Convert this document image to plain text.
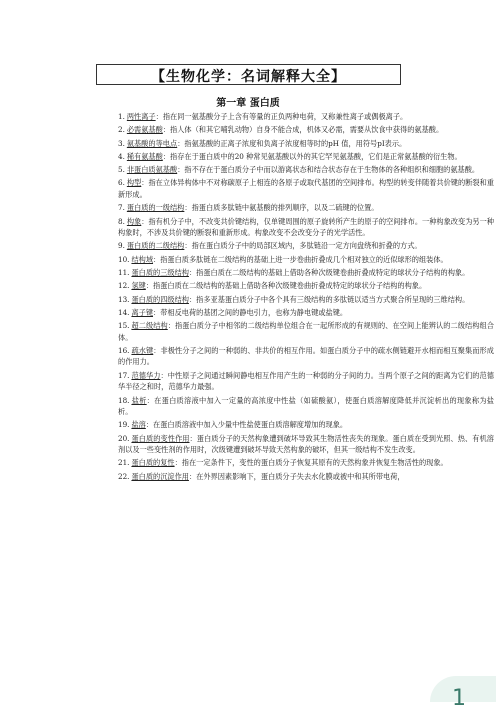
【生物化学：名词解释大全】
第一章 蛋白质

1. 两性离子：指在同一氨基酸分子上含有等量的正负两种电荷，又称兼性离子或偶极离子。

2. 必需氨基酸：指人体（和其它哺乳动物）自身不能合成，机体又必需，需要从饮食中获得的氨基酸。

3. 氨基酸的等电点：指氨基酸的正离子浓度和负离子浓度相等时的pH 值，用符号pI表示。

4. 稀有氨基酸：指存在于蛋白质中的20 种常见氨基酸以外的其它罕见氨基酸，它们是正常氨基酸的衍生物。

5. 非蛋白质氨基酸：指不存在于蛋白质分子中而以游离状态和结合状态存在于生物体的各种组织和细胞的氨基酸。

6. 构型：指在立体异构体中不对称碳原子上相连的各原子或取代基团的空间排布。构型的转变伴随着共价键的断裂和重新形成。

7. 蛋白质的一级结构：指蛋白质多肽链中氨基酸的排列顺序，以及二硫键的位置。

8. 构象：指有机分子中，不改变共价键结构，仅单键周围的原子旋转所产生的原子的空间排布。一种构象改变为另一种构象时，不涉及共价键的断裂和重新形成。构象改变不会改变分子的光学活性。

9. 蛋白质的二级结构：指在蛋白质分子中的局部区域内，多肽链沿一定方向盘绕和折叠的方式。

10. 结构域：指蛋白质多肽链在二级结构的基础上进一步卷曲折叠成几个相对独立的近似球形的组装体。

11. 蛋白质的三级结构：指蛋白质在二级结构的基础上借助各种次级键卷曲折叠成特定的球状分子结构的构象。

12. 氢键：指蛋白质在二级结构的基础上借助各种次级键卷曲折叠成特定的球状分子结构的构象。

13. 蛋白质的四级结构：指多亚基蛋白质分子中各个具有三级结构的多肽链以适当方式聚合所呈现的三维结构。

14. 离子键：带相反电荷的基团之间的静电引力，也称为静电键或盐键。

15. 超二级结构：指蛋白质分子中相邻的二级结构单位组合在一起所形成的有规则的、在空间上能辨认的二级结构组合体。

16. 疏水键：非极性分子之间的一种弱的、非共价的相互作用。如蛋白质分子中的疏水侧链避开水相而相互聚集而形成的作用力。

17. 范德华力：中性原子之间通过瞬间静电相互作用产生的一种弱的分子间的力。当两个原子之间的距离为它们的范德华半径之和时，范德华力最强。

18. 盐析：在蛋白质溶液中加入一定量的高浓度中性盐（如硫酸氨），使蛋白质溶解度降低并沉淀析出的现象称为盐析。

19. 盐溶：在蛋白质溶液中加入少量中性盐使蛋白质溶解度增加的现象。

20. 蛋白质的变性作用：蛋白质分子的天然构象遭到破坏导致其生物活性丧失的现象。蛋白质在受到光照、热、有机溶剂以及一些变性剂的作用时，次级键遭到破坏导致天然构象的破坏，但其一级结构不发生改变。

21. 蛋白质的复性：指在一定条件下，变性的蛋白质分子恢复其原有的天然构象并恢复生物活性的现象。

22. 蛋白质的沉淀作用：在外界因素影响下，蛋白质分子失去水化膜或被中和其所带电荷，

1
